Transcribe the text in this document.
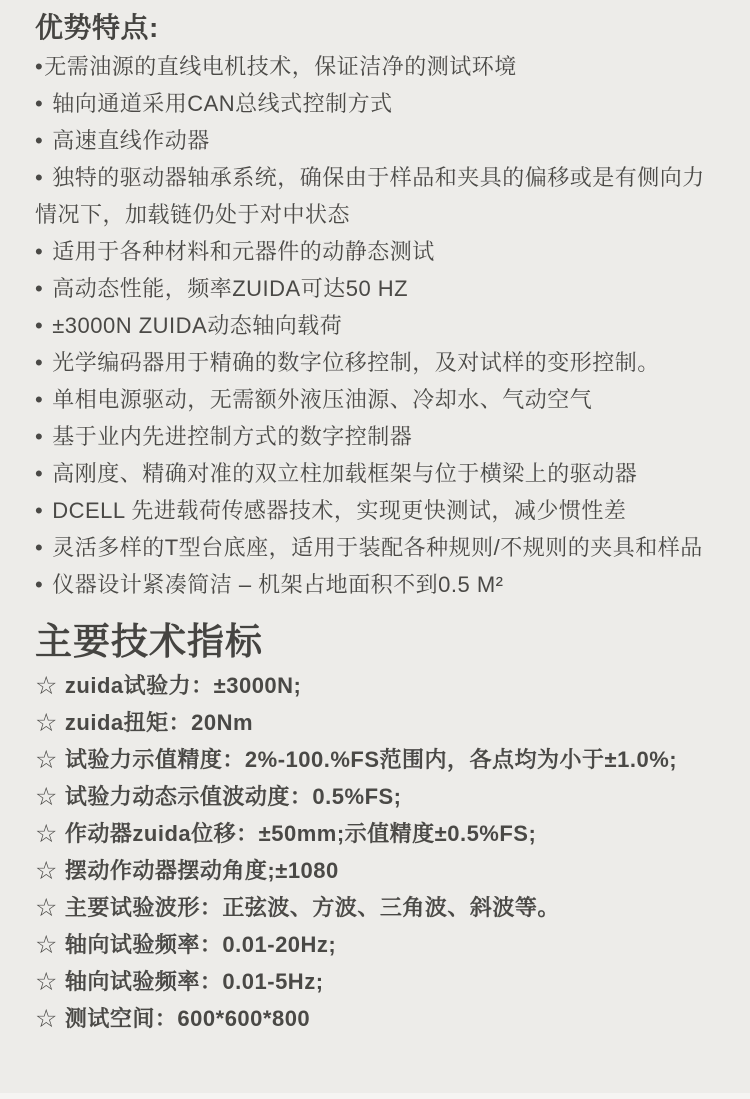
优势特点:
•无需油源的直线电机技术，保证洁净的测试环境
• 轴向通道采用CAN总线式控制方式
• 高速直线作动器
• 独特的驱动器轴承系统，确保由于样品和夹具的偏移或是有侧向力情况下，加载链仍处于对中状态
• 适用于各种材料和元器件的动静态测试
• 高动态性能，频率ZUIDA可达50 HZ
• ±3000N ZUIDA动态轴向载荷
• 光学编码器用于精确的数字位移控制，及对试样的变形控制。
• 单相电源驱动，无需额外液压油源、冷却水、气动空气
• 基于业内先进控制方式的数字控制器
• 高刚度、精确对准的双立柱加载框架与位于横梁上的驱动器
• DCELL 先进载荷传感器技术，实现更快测试，减少惯性差
• 灵活多样的T型台底座，适用于装配各种规则/不规则的夹具和样品
• 仪器设计紧凑简洁 – 机架占地面积不到0.5 M²
主要技术指标
☆ zuida试验力：±3000N;
☆ zuida扭矩：20Nm
☆ 试验力示值精度：2%-100.%FS范围内，各点均为小于±1.0%;
☆ 试验力动态示值波动度：0.5%FS;
☆ 作动器zuida位移：±50mm;示值精度±0.5%FS;
☆ 摆动作动器摆动角度;±1080
☆ 主要试验波形：正弦波、方波、三角波、斜波等。
☆ 轴向试验频率：0.01-20Hz;
☆ 轴向试验频率：0.01-5Hz;
☆ 测试空间：600*600*800
